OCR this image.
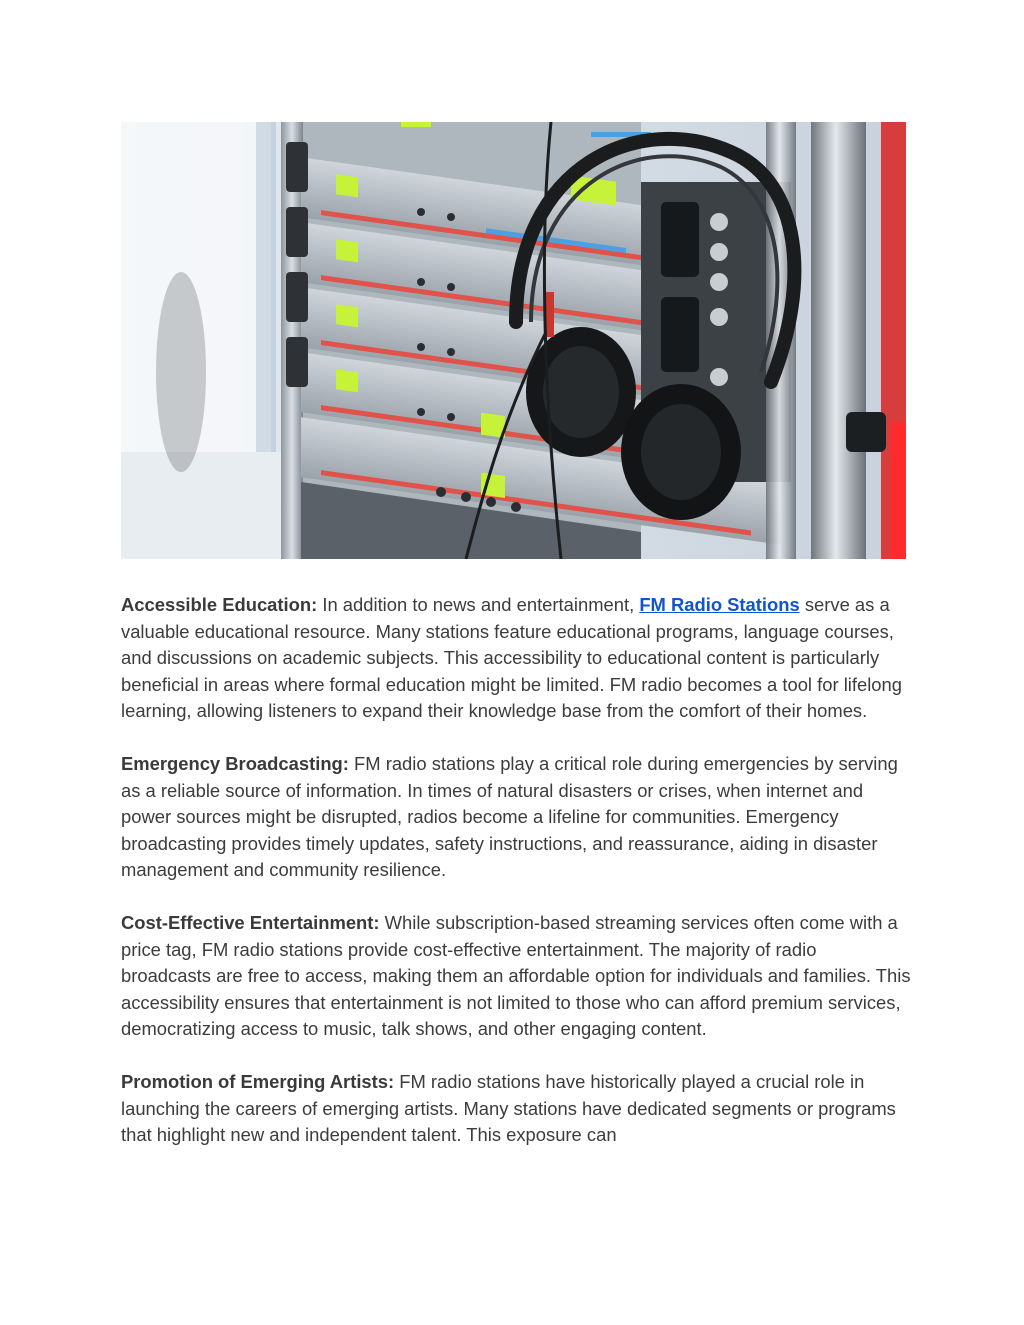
Accessible Education: In addition to news and entertainment, FM Radio Stations serve as a valuable educational resource. Many stations feature educational programs, language courses, and discussions on academic subjects. This accessibility to educational content is particularly beneficial in areas where formal education might be limited. FM radio becomes a tool for lifelong learning, allowing listeners to expand their knowledge base from the comfort of their homes.

Emergency Broadcasting: FM radio stations play a critical role during emergencies by serving as a reliable source of information. In times of natural disasters or crises, when internet and power sources might be disrupted, radios become a lifeline for communities. Emergency broadcasting provides timely updates, safety instructions, and reassurance, aiding in disaster management and community resilience.

Cost-Effective Entertainment: While subscription-based streaming services often come with a price tag, FM radio stations provide cost-effective entertainment. The majority of radio broadcasts are free to access, making them an affordable option for individuals and families. This accessibility ensures that entertainment is not limited to those who can afford premium services, democratizing access to music, talk shows, and other engaging content.

Promotion of Emerging Artists: FM radio stations have historically played a crucial role in launching the careers of emerging artists. Many stations have dedicated segments or programs that highlight new and independent talent. This exposure can
